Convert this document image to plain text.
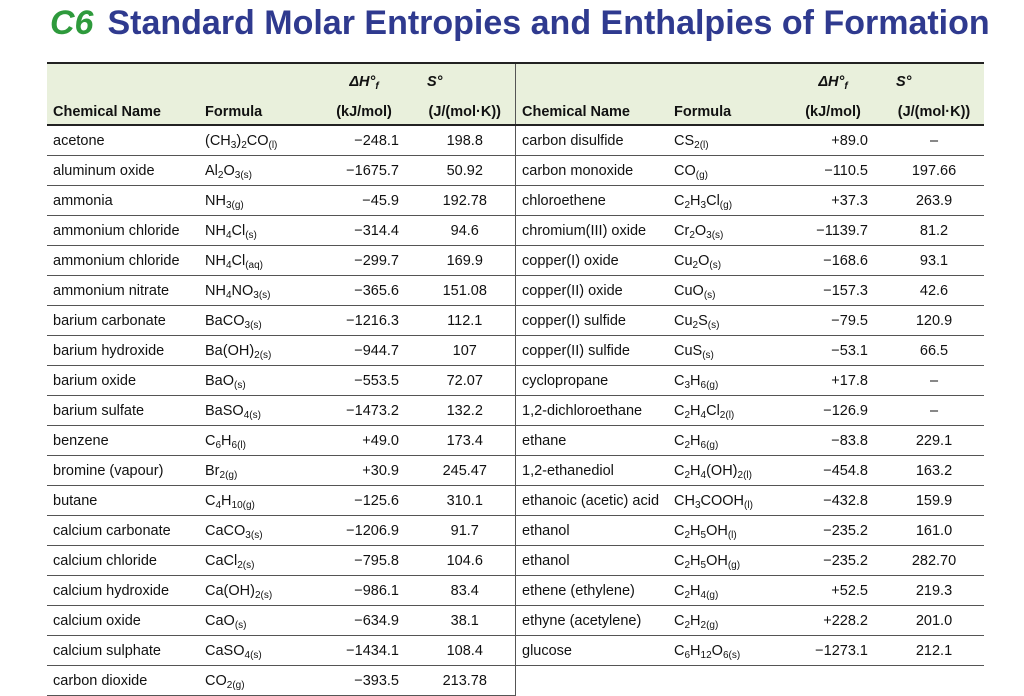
C6 Standard Molar Entropies and Enthalpies of Formation
		$\Delta H^\circ_f$	S°
Chemical Name	Formula	(kJ/mol)	(J/(mol·K))
acetone	$(CH_3)_2CO_{(l)}$	−248.1	198.8
aluminum oxide	$Al_2O_{3(s)}$	−1675.7	50.92
ammonia	$NH_{3(g)}$	−45.9	192.78
ammonium chloride	$NH_4Cl_{(s)}$	−314.4	94.6
ammonium chloride	$NH_4Cl_{(aq)}$	−299.7	169.9
ammonium nitrate	$NH_4NO_{3(s)}$	−365.6	151.08
barium carbonate	BaCO$_{3(s)}$	−1216.3	112.1
barium hydroxide	$Ba(OH)_{2(s)}$	−944.7	107
barium oxide	BaO$_{(s)}$	−553.5	72.07
barium sulfate	BaSO$_{4(s)}$	−1473.2	132.2
benzene	$C_6H_{6(l)}$	+49.0	173.4
bromine (vapour)	$Br_{2(g)}$	+30.9	245.47
butane	$C_4H_{10(g)}$	−125.6	310.1
calcium carbonate	CaCO$_{3(s)}$	−1206.9	91.7
calcium chloride	CaCl$_{2(s)}$	−795.8	104.6
calcium hydroxide	$Ca(OH)_{2(s)}$	−986.1	83.4
calcium oxide	CaO$_{(s)}$	−634.9	38.1
calcium sulphate	CaSO$_{4(s)}$	−1434.1	108.4
carbon dioxide	$CO_{2(g)}$	−393.5	213.78
		$\Delta H^\circ_f$	S°
Chemical Name	Formula	(kJ/mol)	(J/(mol·K))
carbon disulfide	$CS_{2(l)}$	+89.0	–
carbon monoxide	$CO_{(g)}$	−110.5	197.66
chloroethene	$C_2H_3Cl_{(g)}$	+37.3	263.9
chromium(III) oxide	$Cr_2O_{3(s)}$	−1139.7	81.2
copper(I) oxide	$Cu_2O_{(s)}$	−168.6	93.1
copper(II) oxide	CuO$_{(s)}$	−157.3	42.6
copper(I) sulfide	$Cu_2S_{(s)}$	−79.5	120.9
copper(II) sulfide	CuS$_{(s)}$	−53.1	66.5
cyclopropane	$C_3H_{6(g)}$	+17.8	–
1,2-dichloroethane	$C_2H_4Cl_{2(l)}$	−126.9	–
ethane	$C_2H_{6(g)}$	−83.8	229.1
1,2-ethanediol	$C_2H_4(OH)_{2(l)}$	−454.8	163.2
ethanoic (acetic) acid	$CH_3COOH_{(l)}$	−432.8	159.9
ethanol	$C_2H_5OH_{(l)}$	−235.2	161.0
ethanol	$C_2H_5OH_{(g)}$	−235.2	282.70
ethene (ethylene)	$C_2H_{4(g)}$	+52.5	219.3
ethyne (acetylene)	$C_2H_{2(g)}$	+228.2	201.0
glucose	$C_6H_{12}O_{6(s)}$	−1273.1	212.1
